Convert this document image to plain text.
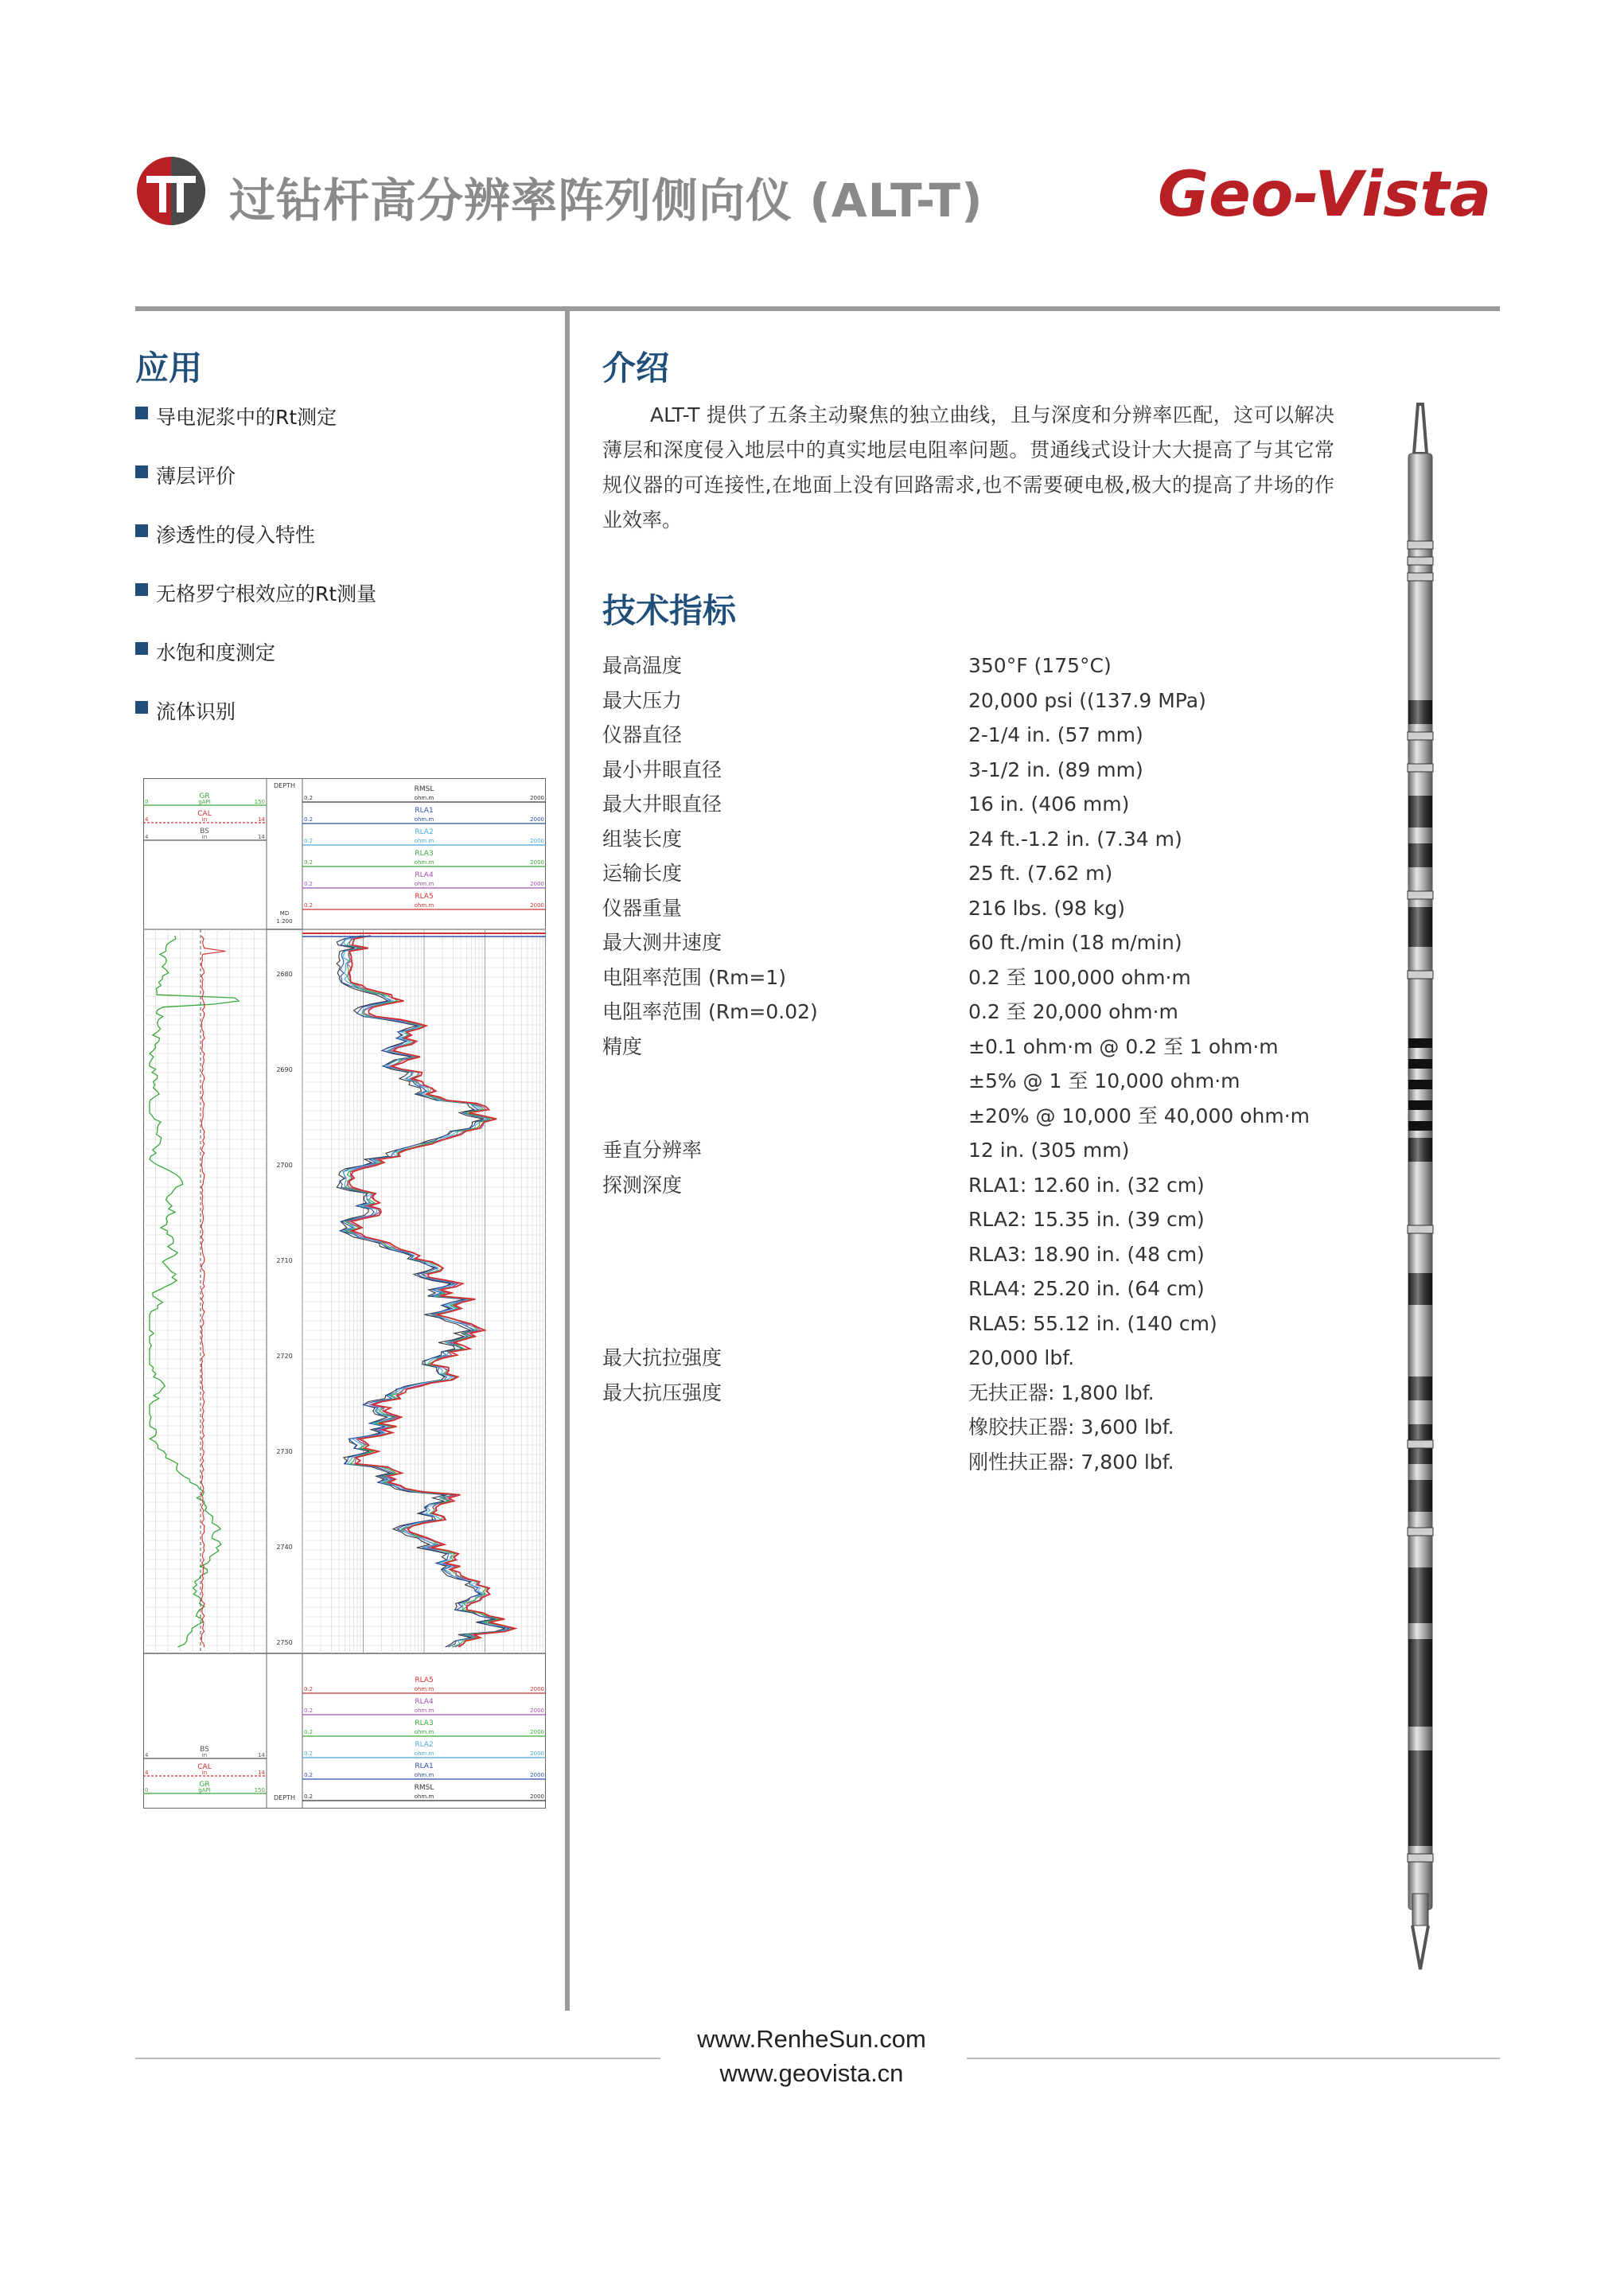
过钻杆高分辨率阵列侧向仪 (ALT-T)	Geo-Vista
应用
导电泥浆中的Rt测定
薄层评价
渗透性的侵入特性
无格罗宁根效应的Rt测量
水饱和度测定
流体识别
介绍
ALT-T 提供了五条主动聚焦的独立曲线，且与深度和分辨率匹配，这可以解决薄层和深度侵入地层中的真实地层电阻率问题。贯通线式设计大大提高了与其它常规仪器的可连接性,在地面上没有回路需求,也不需要硬电极,极大的提高了井场的作业效率。
技术指标
最高温度	350°F (175°C)
最大压力	20,000 psi ((137.9 MPa)
仪器直径	2-1/4 in. (57 mm)
最小井眼直径	3-1/2 in. (89 mm)
最大井眼直径	16 in. (406 mm)
组装长度	24 ft.-1.2 in. (7.34 m)
运输长度	25 ft. (7.62 m)
仪器重量	216 lbs. (98 kg)
最大测井速度	60 ft./min (18 m/min)
电阻率范围 (Rm=1)	0.2 至 100,000 ohm·m
电阻率范围 (Rm=0.02)	0.2 至 20,000 ohm·m
精度	±0.1 ohm·m @ 0.2 至 1 ohm·m
±5% @ 1 至 10,000 ohm·m
±20% @ 10,000 至 40,000 ohm·m
垂直分辨率	12 in. (305 mm)
探测深度	RLA1: 12.60 in. (32 cm)
RLA2: 15.35 in. (39 cm)
RLA3: 18.90 in. (48 cm)
RLA4: 25.20 in. (64 cm)
RLA5: 55.12 in. (140 cm)
最大抗拉强度	20,000 lbf.
最大抗压强度	无扶正器: 1,800 lbf.
橡胶扶正器: 3,600 lbf.
刚性扶正器: 7,800 lbf.
GR
0	gAPI	150
CAL
4	in	14
BS
4	in	14
RMSL
0.2	ohm.m	2000
RLA1
0.2	ohm.m	2000
RLA2
0.2	ohm.m	2000
RLA3
0.2	ohm.m	2000
RLA4
0.2	ohm.m	2000
RLA5
0.2	ohm.m	2000
BS
4	in	14
CAL
4	in	14
GR
0	gAPI	150
RLA5
0.2	ohm.m	2000
RLA4
0.2	ohm.m	2000
RLA3
0.2	ohm.m	2000
RLA2
0.2	ohm.m	2000
RLA1
0.2	ohm.m	2000
RMSL
0.2	ohm.m	2000
DEPTH
DEPTH
MD
1:200
2680
2690
2700
2710
2720
2730
2740
2750
www.RenheSun.com
www.geovista.cn
